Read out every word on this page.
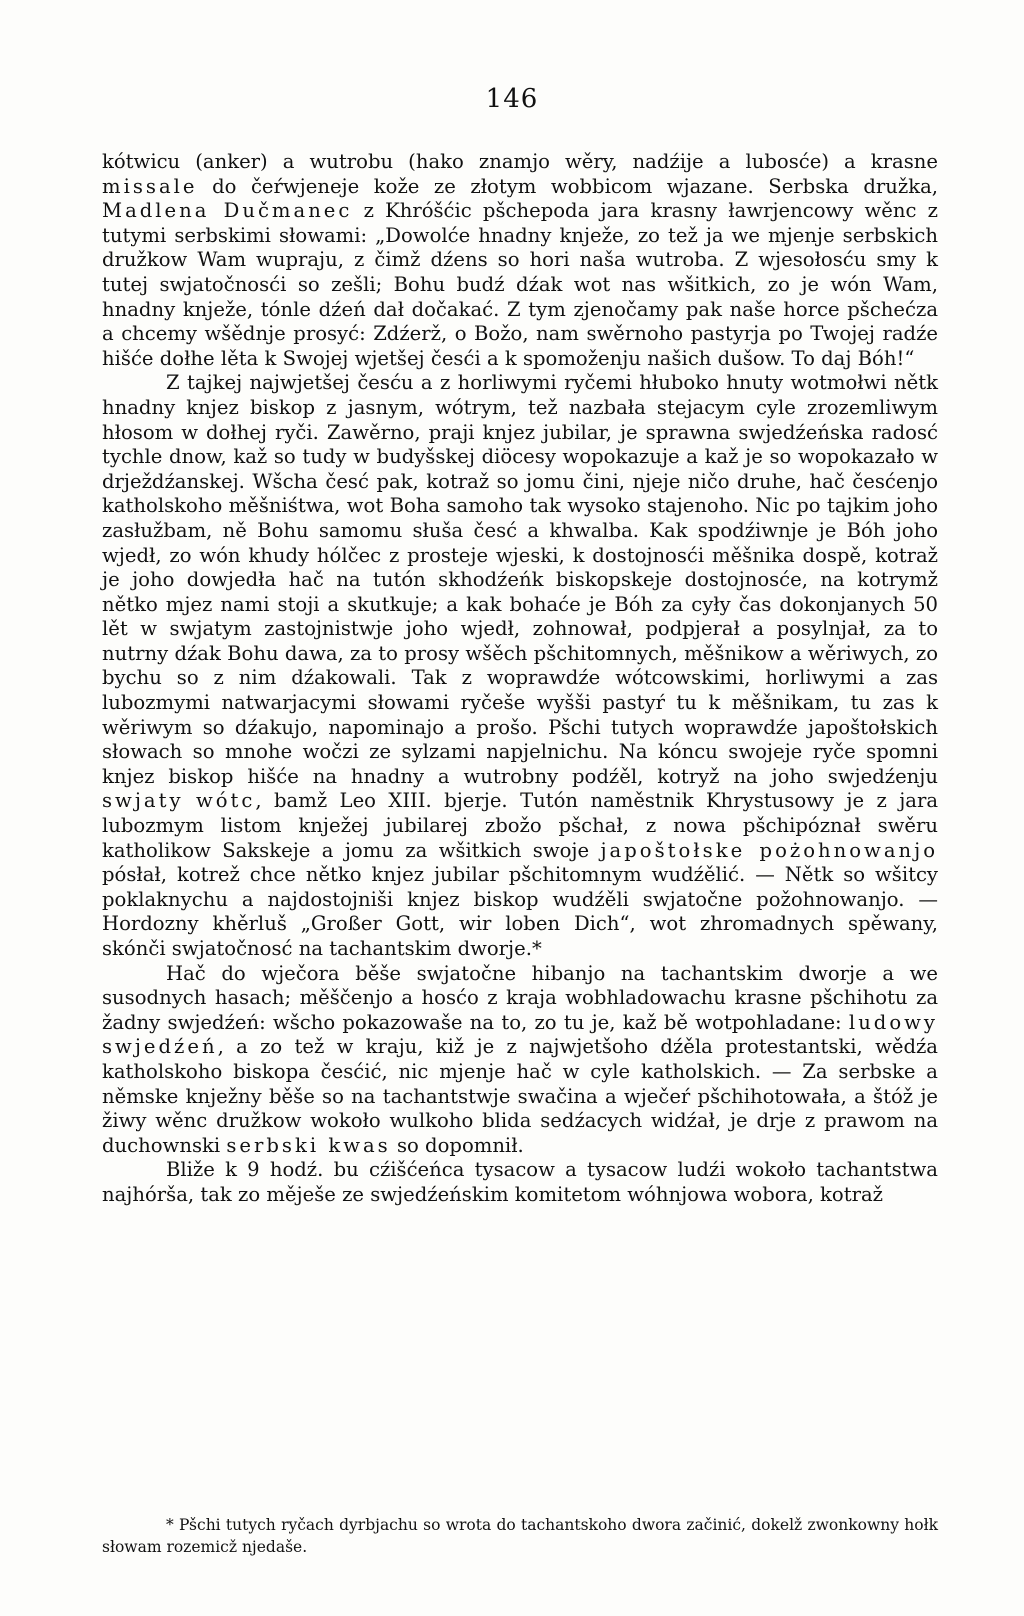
146

kótwicu (anker) a wutrobu (hako znamjo wěry, nadźije a lubosće) a krasne missale do čeŕwjeneje kože ze złotym wobbicom wjazane. Serbska družka, Madlena Dučmanec z Khróšćic pšchepoda jara krasny ławrjencowy wěnc z tutymi serbskimi słowami: „Dowolće hnadny knježe, zo tež ja we mjenje serbskich družkow Wam wupraju, z čimž dźens so hori naša wutroba. Z wjesołosću smy k tutej swjatočnosći so zešli; Bohu budź dźak wot nas wšitkich, zo je wón Wam, hnadny knježe, tónle dźeń dał dočakać. Z tym zjenočamy pak naše horce pšchećza a chcemy wšědnje prosyć: Zdźerž, o Božo, nam swěrnoho pastyrja po Twojej radźe hišće dołhe lěta k Swojej wjetšej česći a k spomoženju našich dušow. To daj Bóh!“

Z tajkej najwjetšej česću a z horliwymi ryčemi hłuboko hnuty wotmołwi nětk hnadny knjez biskop z jasnym, wótrym, tež nazbała stejacym cyle zrozemliwym hłosom w dołhej ryči. Zawěrno, praji knjez jubilar, je sprawna swjedźeńska radosć tychle dnow, kaž so tudy w budyšskej diöcesy wopokazuje a kaž je so wopokazało w drježdźanskej. Wšcha česć pak, kotraž so jomu čini, njeje ničo druhe, hač česćenjo katholskoho měšniśtwa, wot Boha samoho tak wysoko stajenoho. Nic po tajkim joho zasłužbam, ně Bohu samomu słuša česć a khwalba. Kak spodźiwnje je Bóh joho wjedł, zo wón khudy hólčec z prosteje wjeski, k dostojnosći měšnika dospě, kotraž je joho dowjedła hač na tutón skhodźeńk biskopskeje dostojnosće, na kotrymž nětko mjez nami stoji a skutkuje; a kak bohaće je Bóh za cyły čas dokonjanych 50 lět w swjatym zastojnistwje joho wjedł, zohnował, podpjerał a posylnjał, za to nutrny dźak Bohu dawa, za to prosy wšěch pšchitomnych, měšnikow a wěriwych, zo bychu so z nim dźakowali. Tak z woprawdźe wótcowskimi, horliwymi a zas lubozmymi natwarjacymi słowami ryčeše wyšši pastyŕ tu k měšnikam, tu zas k wěriwym so dźakujo, napominajo a prošo. Pšchi tutych woprawdźe japoštołskich słowach so mnohe wočzi ze sylzami napjelnichu. Na kóncu swojeje ryče spomni knjez biskop hišće na hnadny a wutrobny podźěl, kotryž na joho swjedźenju swjaty wótc, bamž Leo XIII. bjerje. Tutón naměstnik Khrystusowy je z jara lubozmym listom knježej jubilarej zbožo pšchał, z nowa pšchipóznał swěru katholikow Sakskeje a jomu za wšitkich swoje japoštołske pożohnowanjo pósłał, kotrež chce nětko knjez jubilar pšchitomnym wudźělić. — Nětk so wšitcy poklaknychu a najdostojniši knjez biskop wudźěli swjatočne požohnowanjo. — Hordozny khěrluš „Großer Gott, wir loben Dich“, wot zhromadnych spěwany, skónči swjatočnosć na tachantskim dworje.*

Hač do wječora běše swjatočne hibanjo na tachantskim dworje a we susodnych hasach; měščenjo a hosćo z kraja wobhladowachu krasne pšchihotu za žadny swjedźeń: wšcho pokazowaše na to, zo tu je, kaž bě wotpohladane: ludowy swjedźeń, a zo tež w kraju, kiž je z najwjetšoho dźěla protestantski, wědźa katholskoho biskopa česćić, nic mjenje hač w cyle katholskich. — Za serbske a němske knježny běše so na tachantstwje swačina a wječeŕ pšchihotowała, a štóž je žiwy wěnc družkow wokoło wulkoho blida sedźacych widźał, je drje z prawom na duchownski serbski kwas so dopomnił.

Bliže k 9 hodź. bu cźišćeńca tysacow a tysacow ludźi wokoło tachantstwa najhórša, tak zo měješe ze swjedźeńskim komitetom wóhnjowa wobora, kotraž

* Pšchi tutych ryčach dyrbjachu so wrota do tachantskoho dwora začinić, dokelž zwonkowny hołk słowam rozemicž njedaše.
